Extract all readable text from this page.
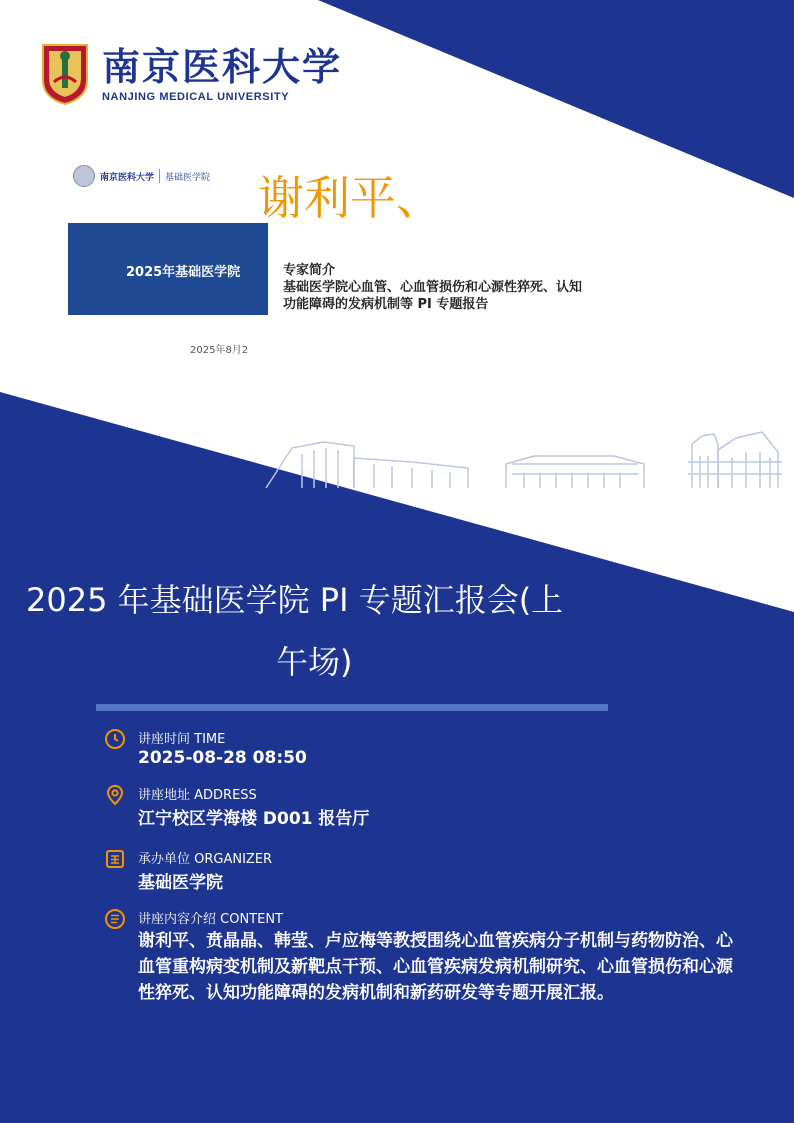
南京医科大学
NANJING MEDICAL UNIVERSITY
南京医科大学 基础医学院
2025年基础医学院
2025年8月2
谢利平、
专家简介
基础医学院心血管、心血管损伤和心源性猝死、认知功能障碍的发病机制等 PI 专题报告
2025 年基础医学院 PI 专题汇报会(上
午场)
讲座时间 TIME
2025-08-28 08:50
讲座地址 ADDRESS
江宁校区学海楼 D001 报告厅
承办单位 ORGANIZER
基础医学院
讲座内容介绍 CONTENT
谢利平、贲晶晶、韩莹、卢应梅等教授围绕心血管疾病分子机制与药物防治、心血管重构病变机制及新靶点干预、心血管疾病发病机制研究、心血管损伤和心源性猝死、认知功能障碍的发病机制和新药研发等专题开展汇报。
